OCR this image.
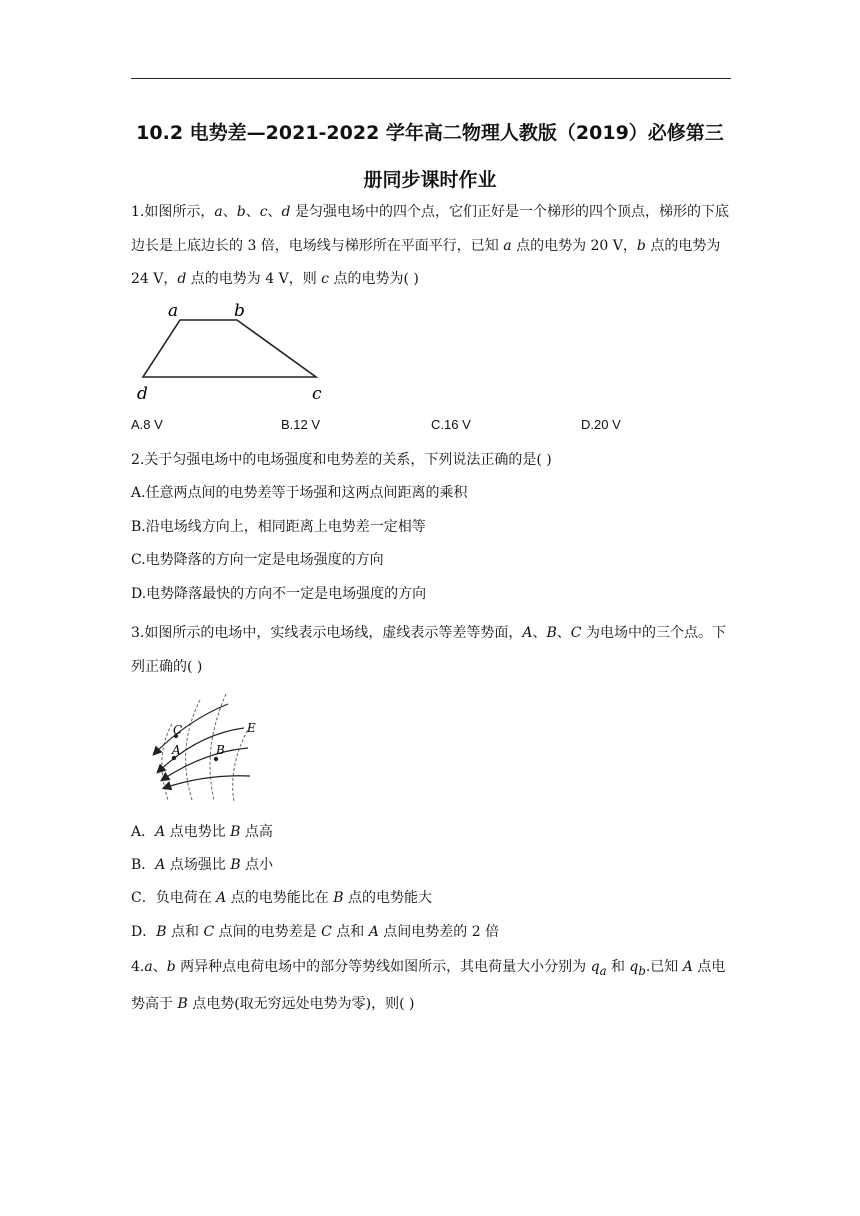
10.2 电势差—2021-2022 学年高二物理人教版（2019）必修第三
册同步课时作业

1.如图所示，a、b、c、d 是匀强电场中的四个点，它们正好是一个梯形的四个顶点，梯形的下底边长是上底边长的 3 倍，电场线与梯形所在平面平行，已知 a 点的电势为 20 V，b 点的电势为 24 V，d 点的电势为 4 V，则 c 点的电势为( )

a	b
d	c
A.8 V	B.12 V	C.16 V	D.20 V

2.关于匀强电场中的电场强度和电势差的关系，下列说法正确的是( )

A.任意两点间的电势差等于场强和这两点间距离的乘积

B.沿电场线方向上，相同距离上电势差一定相等

C.电势降落的方向一定是电场强度的方向

D.电势降落最快的方向不一定是电场强度的方向

3.如图所示的电场中，实线表示电场线，虚线表示等差等势面，A、B、C 为电场中的三个点。下列正确的( )

C
A	B
E

A．A 点电势比 B 点高

B．A 点场强比 B 点小

C．负电荷在 A 点的电势能比在 B 点的电势能大

D．B 点和 C 点间的电势差是 C 点和 A 点间电势差的 2 倍

4.a、b 两异种点电荷电场中的部分等势线如图所示，其电荷量大小分别为 $q_a$ 和 $q_b$.已知 A 点电势高于 B 点电势(取无穷远处电势为零)，则( )
